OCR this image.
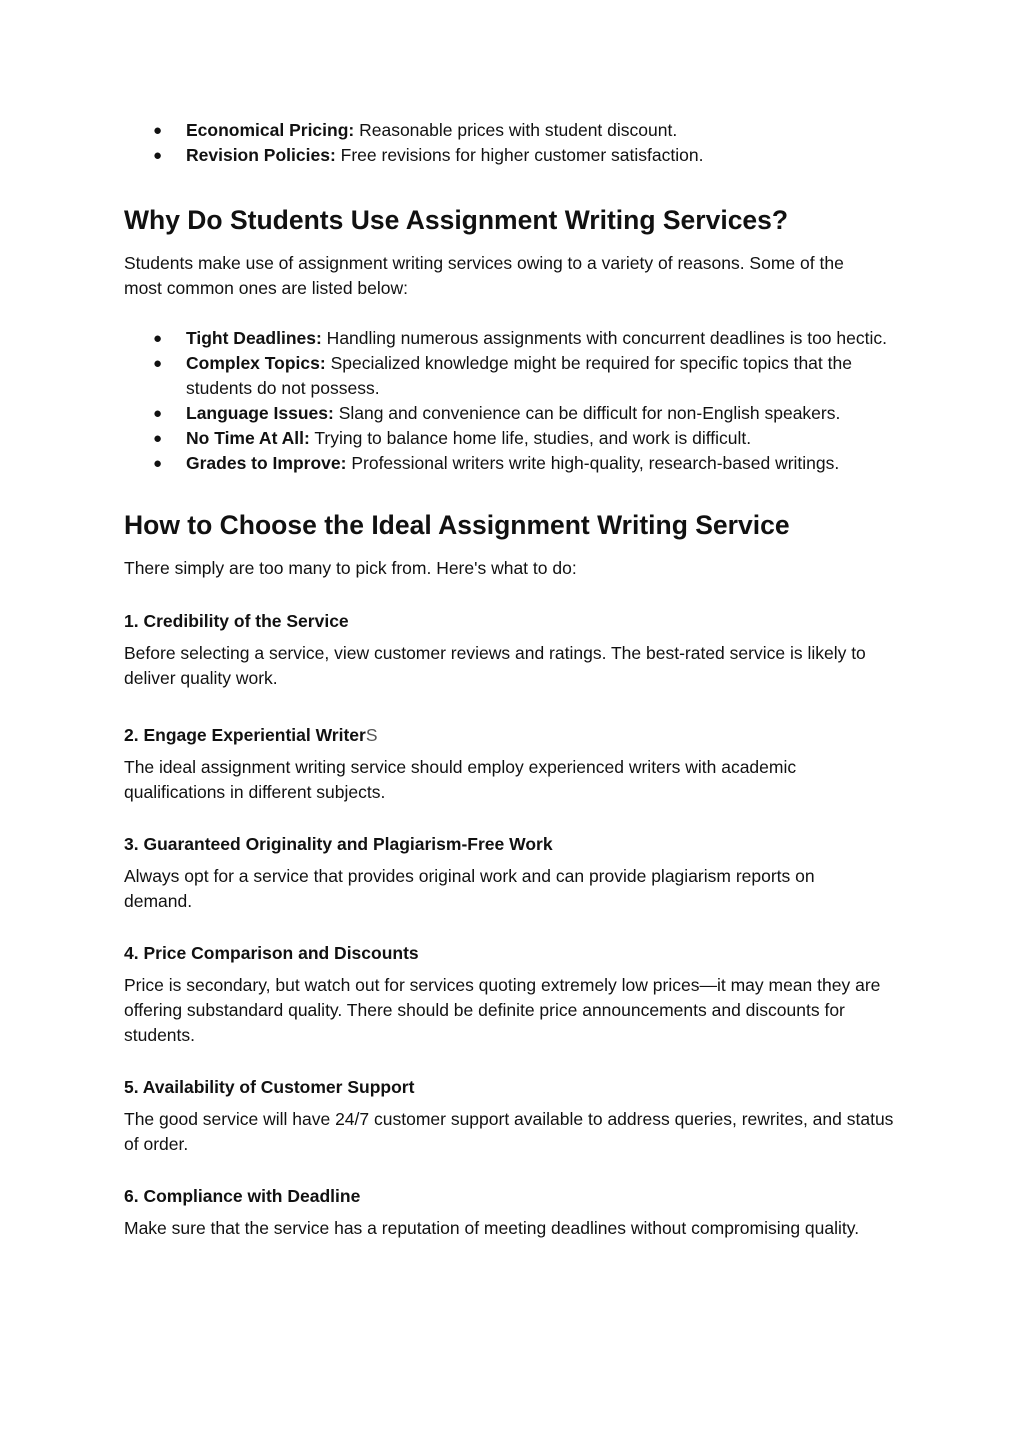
● Economical Pricing: Reasonable prices with student discount.
● Revision Policies: Free revisions for higher customer satisfaction.
Why Do Students Use Assignment Writing Services?

Students make use of assignment writing services owing to a variety of reasons. Some of the most common ones are listed below:

● Tight Deadlines: Handling numerous assignments with concurrent deadlines is too hectic.
● Complex Topics: Specialized knowledge might be required for specific topics that the students do not possess.
● Language Issues: Slang and convenience can be difficult for non-English speakers.
● No Time At All: Trying to balance home life, studies, and work is difficult.
● Grades to Improve: Professional writers write high-quality, research-based writings.
How to Choose the Ideal Assignment Writing Service

There simply are too many to pick from. Here's what to do:

1. Credibility of the Service

Before selecting a service, view customer reviews and ratings. The best-rated service is likely to deliver quality work.

2. Engage Experiential WriterS

The ideal assignment writing service should employ experienced writers with academic qualifications in different subjects.

3. Guaranteed Originality and Plagiarism-Free Work

Always opt for a service that provides original work and can provide plagiarism reports on demand.

4. Price Comparison and Discounts

Price is secondary, but watch out for services quoting extremely low prices—it may mean they are offering substandard quality. There should be definite price announcements and discounts for students.

5. Availability of Customer Support

The good service will have 24/7 customer support available to address queries, rewrites, and status of order.

6. Compliance with Deadline

Make sure that the service has a reputation of meeting deadlines without compromising quality.
